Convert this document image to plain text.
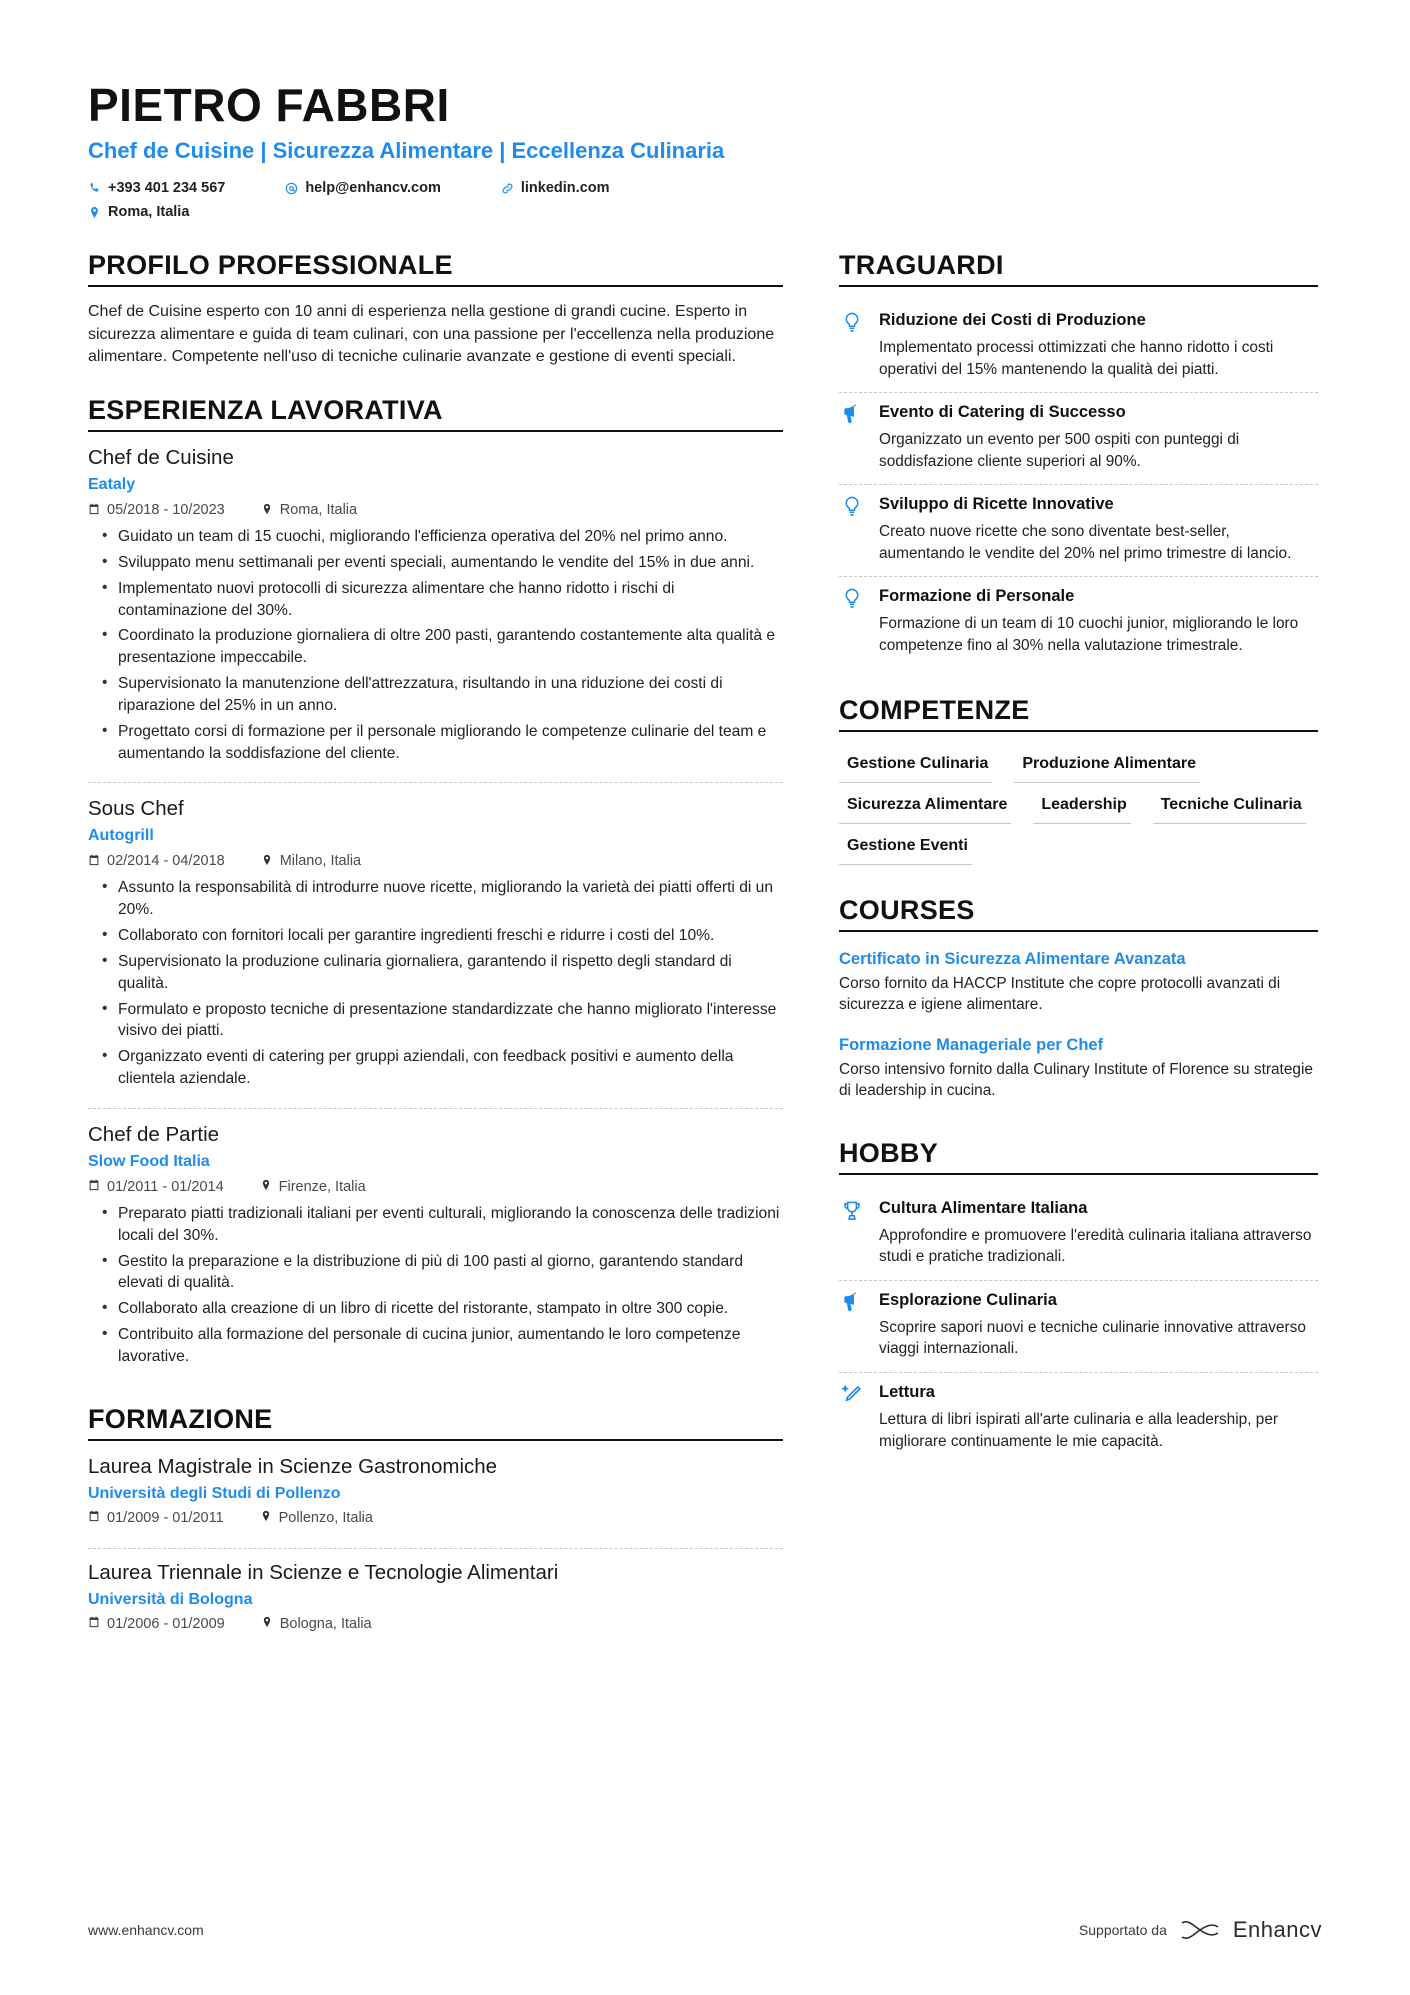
PIETRO FABBRI
Chef de Cuisine | Sicurezza Alimentare | Eccellenza Culinaria
+393 401 234 567	help@enhancv.com	linkedin.com
Roma, Italia
PROFILO PROFESSIONALE
Chef de Cuisine esperto con 10 anni di esperienza nella gestione di grandi cucine. Esperto in sicurezza alimentare e guida di team culinari, con una passione per l'eccellenza nella produzione alimentare. Competente nell'uso di tecniche culinarie avanzate e gestione di eventi speciali.
ESPERIENZA LAVORATIVA
Chef de Cuisine
Eataly
05/2018 - 10/2023	Roma, Italia
• Guidato un team di 15 cuochi, migliorando l'efficienza operativa del 20% nel primo anno.
• Sviluppato menu settimanali per eventi speciali, aumentando le vendite del 15% in due anni.
• Implementato nuovi protocolli di sicurezza alimentare che hanno ridotto i rischi di contaminazione del 30%.
• Coordinato la produzione giornaliera di oltre 200 pasti, garantendo costantemente alta qualità e presentazione impeccabile.
• Supervisionato la manutenzione dell'attrezzatura, risultando in una riduzione dei costi di riparazione del 25% in un anno.
• Progettato corsi di formazione per il personale migliorando le competenze culinarie del team e aumentando la soddisfazione del cliente.
Sous Chef
Autogrill
02/2014 - 04/2018	Milano, Italia
• Assunto la responsabilità di introdurre nuove ricette, migliorando la varietà dei piatti offerti di un 20%.
• Collaborato con fornitori locali per garantire ingredienti freschi e ridurre i costi del 10%.
• Supervisionato la produzione culinaria giornaliera, garantendo il rispetto degli standard di qualità.
• Formulato e proposto tecniche di presentazione standardizzate che hanno migliorato l'interesse visivo dei piatti.
• Organizzato eventi di catering per gruppi aziendali, con feedback positivi e aumento della clientela aziendale.
Chef de Partie
Slow Food Italia
01/2011 - 01/2014	Firenze, Italia
• Preparato piatti tradizionali italiani per eventi culturali, migliorando la conoscenza delle tradizioni locali del 30%.
• Gestito la preparazione e la distribuzione di più di 100 pasti al giorno, garantendo standard elevati di qualità.
• Collaborato alla creazione di un libro di ricette del ristorante, stampato in oltre 300 copie.
• Contribuito alla formazione del personale di cucina junior, aumentando le loro competenze lavorative.
FORMAZIONE
Laurea Magistrale in Scienze Gastronomiche
Università degli Studi di Pollenzo
01/2009 - 01/2011	Pollenzo, Italia
Laurea Triennale in Scienze e Tecnologie Alimentari
Università di Bologna
01/2006 - 01/2009	Bologna, Italia
TRAGUARDI
Riduzione dei Costi di Produzione
Implementato processi ottimizzati che hanno ridotto i costi operativi del 15% mantenendo la qualità dei piatti.
Evento di Catering di Successo
Organizzato un evento per 500 ospiti con punteggi di soddisfazione cliente superiori al 90%.
Sviluppo di Ricette Innovative
Creato nuove ricette che sono diventate best-seller, aumentando le vendite del 20% nel primo trimestre di lancio.
Formazione di Personale
Formazione di un team di 10 cuochi junior, migliorando le loro competenze fino al 30% nella valutazione trimestrale.
COMPETENZE
Gestione Culinaria	Produzione Alimentare
Sicurezza Alimentare	Leadership	Tecniche Culinaria
Gestione Eventi
COURSES
Certificato in Sicurezza Alimentare Avanzata
Corso fornito da HACCP Institute che copre protocolli avanzati di sicurezza e igiene alimentare.
Formazione Manageriale per Chef
Corso intensivo fornito dalla Culinary Institute of Florence su strategie di leadership in cucina.
HOBBY
Cultura Alimentare Italiana
Approfondire e promuovere l'eredità culinaria italiana attraverso studi e pratiche tradizionali.
Esplorazione Culinaria
Scoprire sapori nuovi e tecniche culinarie innovative attraverso viaggi internazionali.
Lettura
Lettura di libri ispirati all'arte culinaria e alla leadership, per migliorare continuamente le mie capacità.
www.enhancv.com	Supportato da	Enhancv
